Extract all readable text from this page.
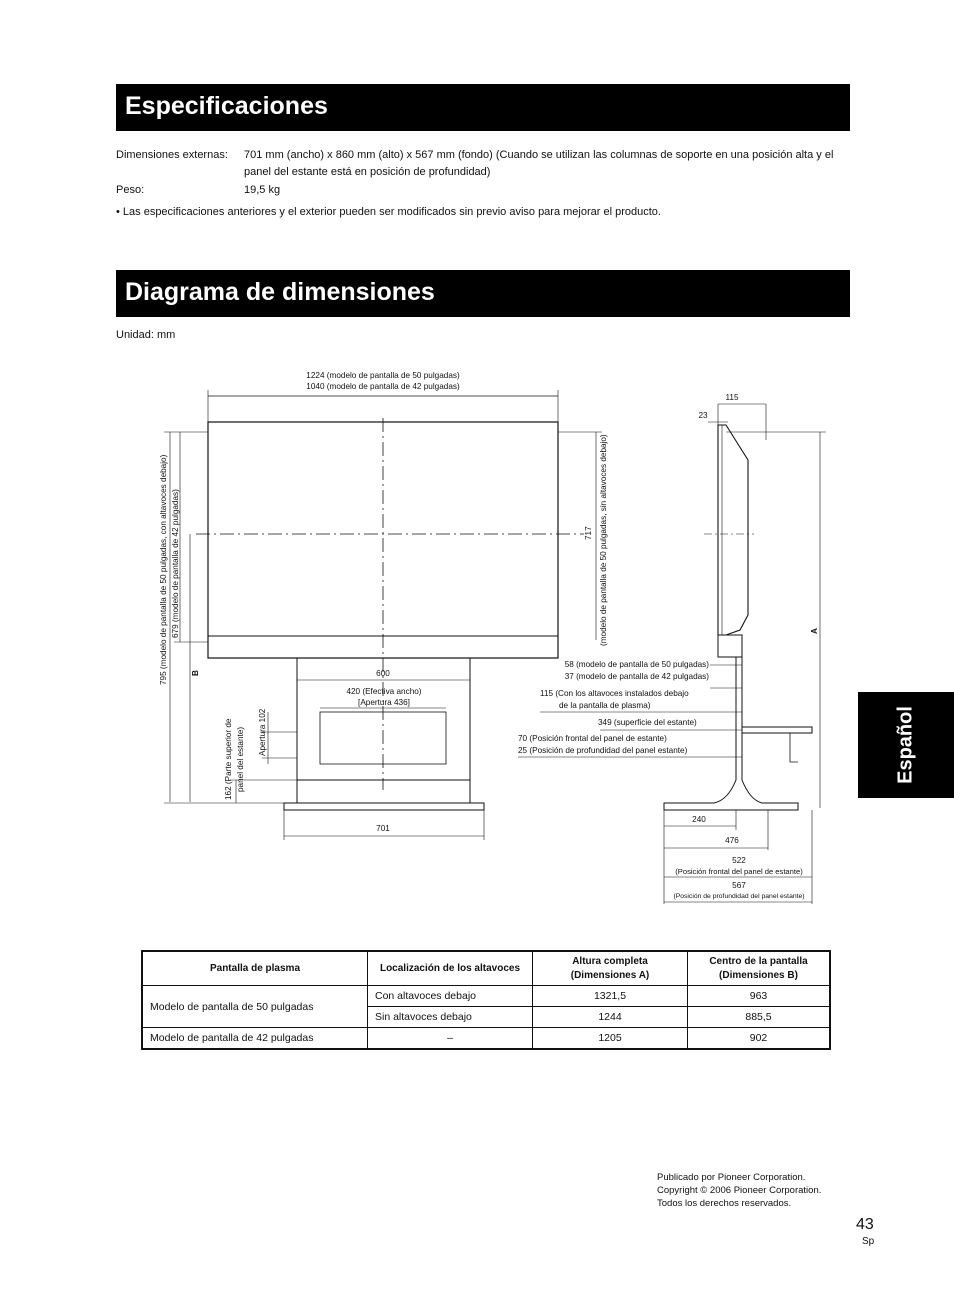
Especificaciones
Dimensiones externas: 701 mm (ancho) x 860 mm (alto) x 567 mm (fondo) (Cuando se utilizan las columnas de soporte en una posición alta y el panel del estante está en posición de profundidad)
Peso:	19,5 kg
• Las especificaciones anteriores y el exterior pueden ser modificados sin previo aviso para mejorar el producto.
Diagrama de dimensiones
Unidad: mm
Español
1224 (modelo de pantalla de 50 pulgadas)
1040 (modelo de pantalla de 42 pulgadas)
795 (modelo de pantalla de 50 pulgadas, con altavoces debajo) 679 (modelo de pantalla de 42 pulgadas)
B
717 (modelo de pantalla de 50 pulgadas, sin altavoces debajo)
600
420 (Efectiva ancho)
[Apertura 436]
Apertura 102
162 (Parte superior de panel del estante)
701
115
23
A
58 (modelo de pantalla de 50 pulgadas)
37 (modelo de pantalla de 42 pulgadas)
115 (Con los altavoces instalados debajo
de la pantalla de plasma)
349 (superficie del estante)
70 (Posición frontal del panel de estante)
25 (Posición de profundidad del panel estante)
240
476
522
(Posición frontal del panel de estante)
567
(Posición de profundidad del panel estante)
Pantalla de plasma	Localización de los altavoces	Altura completa (Dimensiones A)	Centro de la pantalla (Dimensiones B)
Modelo de pantalla de 50 pulgadas	Con altavoces debajo	1321,5	963
	Sin altavoces debajo	1244	885,5
Modelo de pantalla de 42 pulgadas	–	1205	902
Publicado por Pioneer Corporation.
Copyright © 2006 Pioneer Corporation.
Todos los derechos reservados.
43
Sp
